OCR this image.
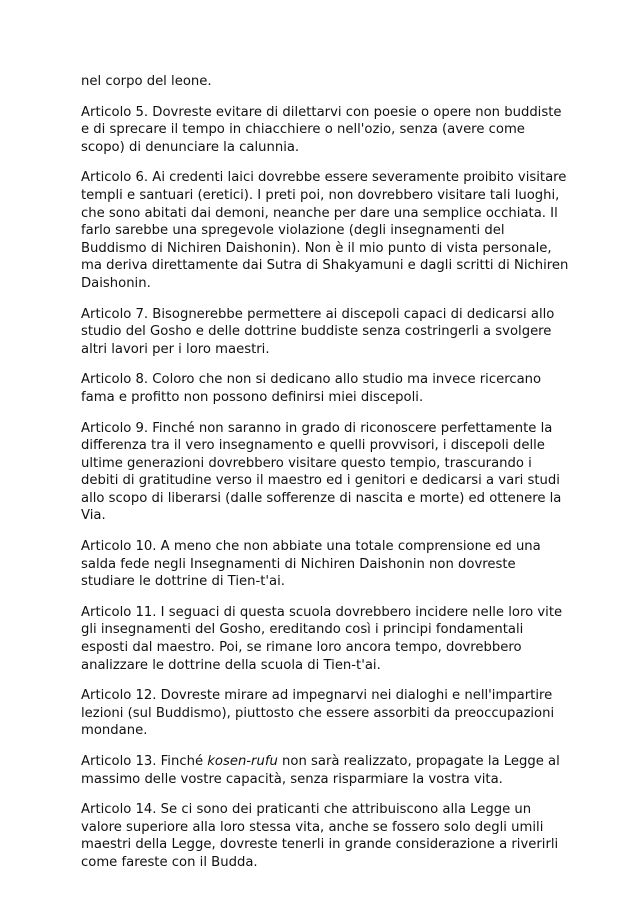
nel corpo del leone.

Articolo 5. Dovreste evitare di dilettarvi con poesie o opere non buddiste e di sprecare il tempo in chiacchiere o nell'ozio, senza (avere come scopo) di denunciare la calunnia.

Articolo 6. Ai credenti laici dovrebbe essere severamente proibito visitare templi e santuari (eretici). I preti poi, non dovrebbero visitare tali luoghi, che sono abitati dai demoni, neanche per dare una semplice occhiata. Il farlo sarebbe una spregevole violazione (degli insegnamenti del Buddismo di Nichiren Daishonin). Non è il mio punto di vista personale, ma deriva direttamente dai Sutra di Shakyamuni e dagli scritti di Nichiren Daishonin.

Articolo 7. Bisognerebbe permettere ai discepoli capaci di dedicarsi allo studio del Gosho e delle dottrine buddiste senza costringerli a svolgere altri lavori per i loro maestri.

Articolo 8. Coloro che non si dedicano allo studio ma invece ricercano fama e profitto non possono definirsi miei discepoli.

Articolo 9. Finché non saranno in grado di riconoscere perfettamente la differenza tra il vero insegnamento e quelli provvisori, i discepoli delle ultime generazioni dovrebbero visitare questo tempio, trascurando i debiti di gratitudine verso il maestro ed i genitori e dedicarsi a vari studi allo scopo di liberarsi (dalle sofferenze di nascita e morte) ed ottenere la Via.

Articolo 10. A meno che non abbiate una totale comprensione ed una salda fede negli Insegnamenti di Nichiren Daishonin non dovreste studiare le dottrine di Tien-t'ai.

Articolo 11. I seguaci di questa scuola dovrebbero incidere nelle loro vite gli insegnamenti del Gosho, ereditando così i principi fondamentali esposti dal maestro. Poi, se rimane loro ancora tempo, dovrebbero analizzare le dottrine della scuola di Tien-t'ai.

Articolo 12. Dovreste mirare ad impegnarvi nei dialoghi e nell'impartire lezioni (sul Buddismo), piuttosto che essere assorbiti da preoccupazioni mondane.

Articolo 13. Finché kosen-rufu non sarà realizzato, propagate la Legge al massimo delle vostre capacità, senza risparmiare la vostra vita.

Articolo 14. Se ci sono dei praticanti che attribuiscono alla Legge un valore superiore alla loro stessa vita, anche se fossero solo degli umili maestri della Legge, dovreste tenerli in grande considerazione a riverirli come fareste con il Budda.
